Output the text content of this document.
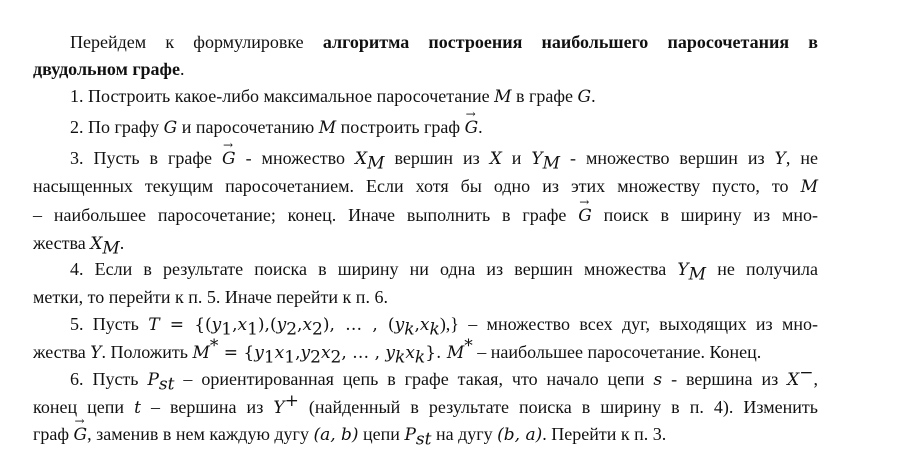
Перейдем к формулировке алгоритма построения наибольшего паросочетания в
двудольном графе.
1. Построить какое-либо максимальное паросочетание M в графе G.
2. По графу G и паросочетанию M построить граф G
→
.
3. Пусть в графе G
→
- множество $X_M$ вершин из X и $Y_M$ - множество вершин из Y, не
насыщенных текущим паросочетанием. Если хотя бы одно из этих множеству пусто, то M
– наибольшее паросочетание; конец. Иначе выполнить в графе G
→
поиск в ширину из мно-
жества $X_M$.
4. Если в результате поиска в ширину ни одна из вершин множества $Y_M$ не получила
метки, то перейти к п. 5. Иначе перейти к п. 6.
5. Пусть $T = \{(y_1,x_1),(y_2,x_2)$, … , $(y_k,x_k)$,} – множество всех дуг, выходящих из мно-
жества Y. Положить $M^* = \{y_1x_1,y_2x_2$, … , $y_kx_k$}. M* – наибольшее паросочетание. Конец.
6. Пусть $P_{st}$ – ориентированная цепь в графе такая, что начало цепи s - вершина из X−,
конец цепи t – вершина из Y+ (найденный в результате поиска в ширину в п. 4). Изменить
граф G
→
, заменив в нем каждую дугу (a, b) цепи $P_{st}$ на дугу (b, a). Перейти к п. 3.
